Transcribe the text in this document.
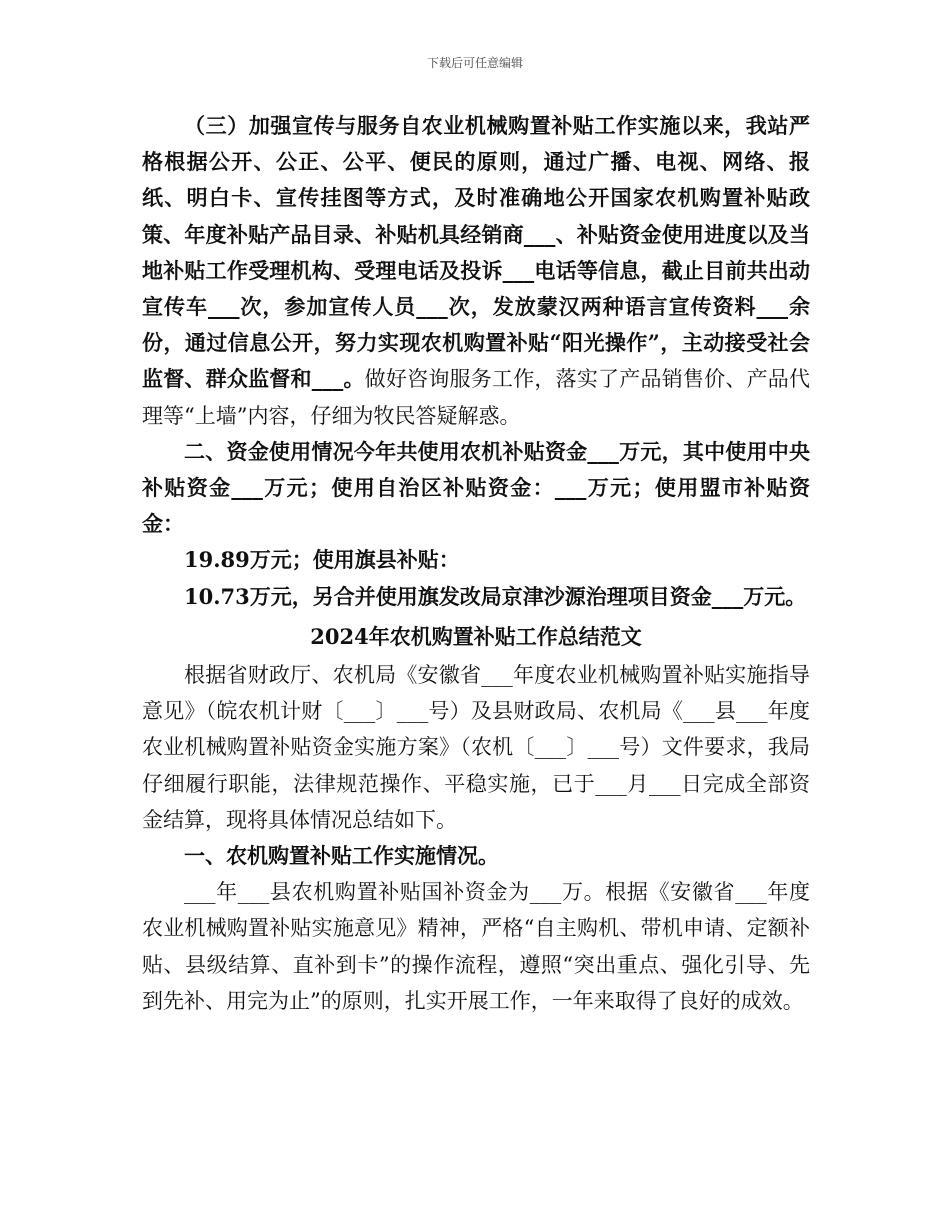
下载后可任意编辑

（三）加强宣传与服务自农业机械购置补贴工作实施以来，我站严格根据公开、公正、公平、便民的原则，通过广播、电视、网络、报纸、明白卡、宣传挂图等方式，及时准确地公开国家农机购置补贴政策、年度补贴产品目录、补贴机具经销商___、补贴资金使用进度以及当地补贴工作受理机构、受理电话及投诉___电话等信息，截止目前共出动宣传车___次，参加宣传人员___次，发放蒙汉两种语言宣传资料___余份，通过信息公开，努力实现农机购置补贴“阳光操作”，主动接受社会监督、群众监督和___。做好咨询服务工作，落实了产品销售价、产品代理等“上墙”内容，仔细为牧民答疑解惑。

二、资金使用情况今年共使用农机补贴资金___万元，其中使用中央补贴资金___万元；使用自治区补贴资金：___万元；使用盟市补贴资金：

19.89万元；使用旗县补贴：

10.73万元，另合并使用旗发改局京津沙源治理项目资金___万元。

2024年农机购置补贴工作总结范文

根据省财政厅、农机局《安徽省___年度农业机械购置补贴实施指导意见》（皖农机计财〔___〕___号）及县财政局、农机局《___县___年度农业机械购置补贴资金实施方案》（农机〔___〕___号）文件要求，我局仔细履行职能，法律规范操作、平稳实施，已于___月___日完成全部资金结算，现将具体情况总结如下。

一、农机购置补贴工作实施情况。

___年___县农机购置补贴国补资金为___万。根据《安徽省___年度农业机械购置补贴实施意见》精神，严格“自主购机、带机申请、定额补贴、县级结算、直补到卡”的操作流程，遵照“突出重点、强化引导、先到先补、用完为止”的原则，扎实开展工作，一年来取得了良好的成效。
